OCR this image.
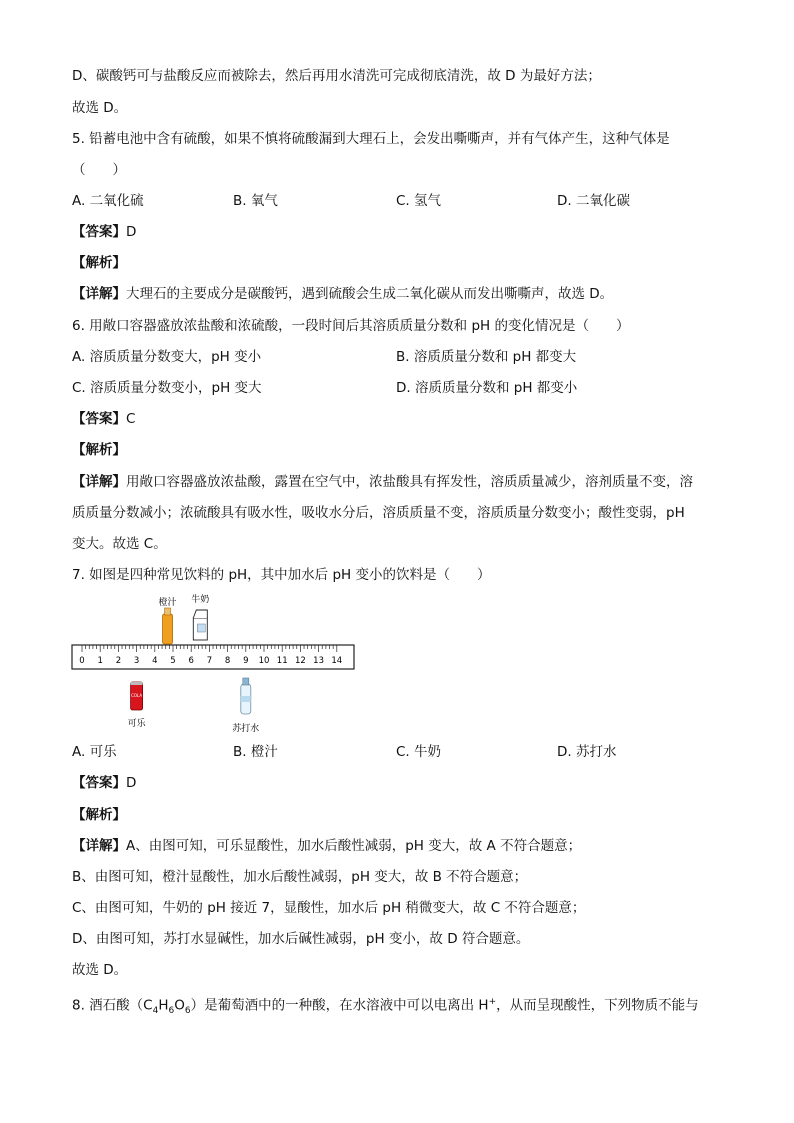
D、碳酸钙可与盐酸反应而被除去，然后再用水清洗可完成彻底清洗，故 D 为最好方法；
故选 D。
5. 铅蓄电池中含有硫酸，如果不慎将硫酸漏到大理石上，会发出嘶嘶声，并有气体产生，这种气体是
（　　）
A. 二氧化硫	B. 氧气	C. 氢气	D. 二氧化碳
【答案】D
【解析】
【详解】大理石的主要成分是碳酸钙，遇到硫酸会生成二氧化碳从而发出嘶嘶声，故选 D。
6. 用敞口容器盛放浓盐酸和浓硫酸，一段时间后其溶质质量分数和 pH 的变化情况是（　　）
A. 溶质质量分数变大，pH 变小	B. 溶质质量分数和 pH 都变大
C. 溶质质量分数变小，pH 变大	D. 溶质质量分数和 pH 都变小
【答案】C
【解析】
【详解】用敞口容器盛放浓盐酸，露置在空气中，浓盐酸具有挥发性，溶质质量减少，溶剂质量不变，溶
质质量分数减小；浓硫酸具有吸水性，吸收水分后，溶质质量不变，溶质质量分数变小；酸性变弱，pH
变大。故选 C。
7. 如图是四种常见饮料的 pH，其中加水后 pH 变小的饮料是（　　）
0 1 2 3 4 5 6 7 8 9 10 11 12 13 14
橙汁 牛奶
COLA
可乐	苏打水
A. 可乐	B. 橙汁	C. 牛奶	D. 苏打水
【答案】D
【解析】
【详解】A、由图可知，可乐显酸性，加水后酸性减弱，pH 变大，故 A 不符合题意；
B、由图可知，橙汁显酸性，加水后酸性减弱，pH 变大，故 B 不符合题意；
C、由图可知，牛奶的 pH 接近 7，显酸性，加水后 pH 稍微变大，故 C 不符合题意；
D、由图可知，苏打水显碱性，加水后碱性减弱，pH 变小，故 D 符合题意。
故选 D。
8. 酒石酸$(C_4H_6O_6)$是葡萄酒中的一种酸，在水溶液中可以电离出 H+，从而呈现酸性，下列物质不能与
